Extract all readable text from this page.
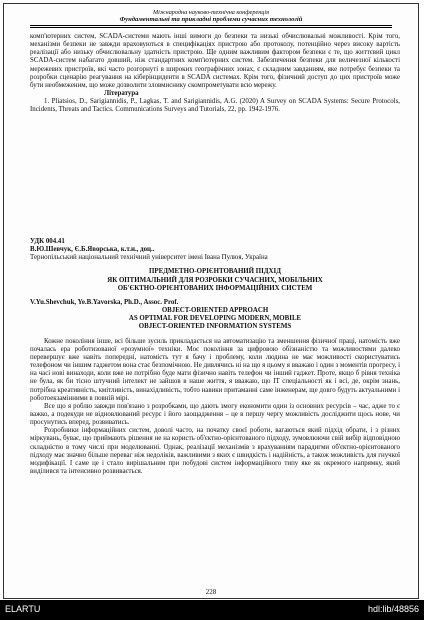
Міжнародна науково-технічна конференція
Фундаментальні та прикладні проблеми сучасних технологій

комп'ютерних систем, SCADA-системи мають інші вимоги до безпеки та низькі обчислювальні можливості. Крім того, механізми безпеки не завжди враховуються в специфікаціях пристрою або протоколу, потенційно через високу вартість реалізації або низьку обчислювальну здатність пристрою. Ще одним важливим фактором безпеки є те, що життєвий цикл SCADA-систем набагато довший, ніж стандартних комп'ютерних систем. Забезпечення безпеки для величезної кількості мережевих пристроїв, які часто розгорнуті в широких географічних зонах, є складним завданням, яке потребує безпеки та розробки сценарію реагування на кіберінциденти в SCADA системах. Крім того, фізичний доступ до цих пристроїв може бути необмеженим, що може дозволити зловмиснику скомпрометувати всю мережу.

Література

1. Pliatsios, D., Sarigiannidis, P., Lagkas, T. and Sarigiannidis, A.G. (2020) A Survey on SCADA Systems: Secure Protocols, Incidents, Threats and Tactics. Communications Surveys and Tutorials, 22, pp. 1942-1976.

УДК 004.41

В.Ю.Шевчук, Є.Б.Яворська, к.т.н., доц..

Тернопільський національний технічний університет імені Івана Пулюя, Україна

ПРЕДМЕТНО-ОРІЄНТОВАНИЙ ПІДХІД

ЯК ОПТИМАЛЬНИЙ ДЛЯ РОЗРОБКИ СУЧАСНИХ, МОБІЛЬНИХ

ОБ'ЄКТНО-ОРІЄНТОВАНИХ ІНФОРМАЦІЙНИХ СИСТЕМ

V.Yu.Shevchuk, Ye.B.Yavorska, Ph.D., Assoc. Prof.

OBJECT-ORIENTED APPROACH

AS OPTIMAL FOR DEVELOPING MODERN, MOBILE

OBJECT-ORIENTED INFORMATION SYSTEMS

Кожне покоління інше, всі більше зусиль прикладається на автоматизацію та зменшення фізичної праці, натомість вже почалась ера роботизованої «розумної» техніки. Моє покоління за цифровою обізнаністю та можливостями далеко перевершує вже навіть попередні, натомість тут я бачу і проблему, коли людина не має можливості скористуватись телефоном чи іншим гаджетом вона стає безпомічною. Не дивлячись ні на що я цьому я вважаю і один з моментів прогресу, і на часі нові винаходи, коли вже не потрібно буде мати фізично навіть телефон чи інший гаджет. Проте, якщо б рівня техніка не була, як би тісно штучний інтелект не зайшов в наше життя, я вважаю, що IT спеціальності як і всі, де, окрім знань, потрібна креативність, кмітливість, винахідливість, тобто навики притаманні саме інженерам, ще довго будуть актуальними і роботоекзамінними в повній мірі.

Все що я роблю завжди пов'язано з розробками, що дають змогу економити один із основних ресурсів – час, адже то є важко, а подекуди не відновлюваний ресурс і його заощадження – це в першу чергу можливість досліджити щось нове, чи просунутись вперед, розвиватись.

Розробники інформаційних систем, доволі часто, на початку своєї роботи, вагаються який підхід обрати, і з різних міркувань, буває, що приймають рішення не на користь об'єктно-орієнтованого підходу, зумовлюючи свій вибір відповідною складністю в тому числі при моделюванні. Однак, реалізації механізмів з врахуванням парадигми об'єктно-орієнтованого підходу має значно більше переваг ніж недоліків, важливими з яких є швидкість і надійність, а також можливість для гнучкої модифікації. І саме це і стало вирішальним при побудові систем інформаційного типу яке як окремого напрямку, який виділився та інтенсивно розвивається.

228
ELARTU	hdl:lib/48856
